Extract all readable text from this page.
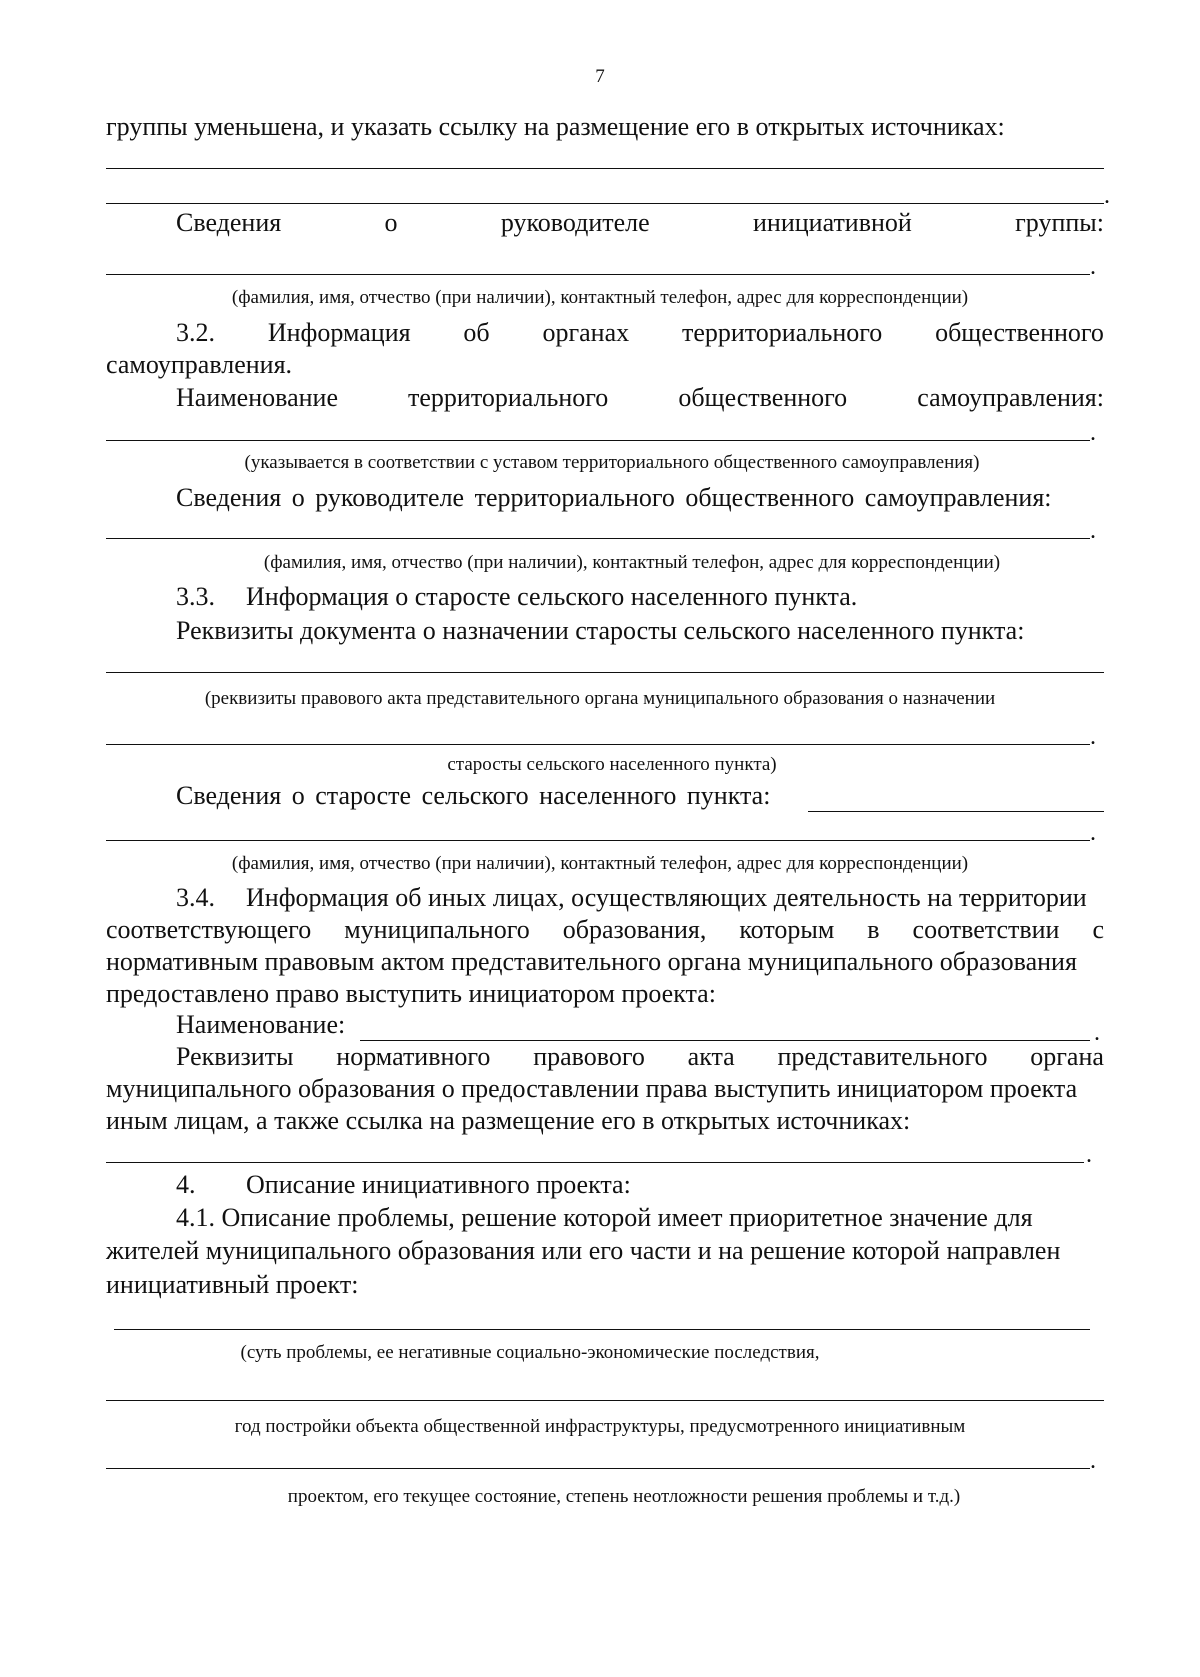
7
группы уменьшена, и указать ссылку на размещение его в открытых источниках:
.
Сведения	о	руководителе	инициативной	группы:
.
(фамилия, имя, отчество (при наличии), контактный телефон, адрес для корреспонденции)
3.2. Информация об органах территориального общественного
самоуправления.
Наименование	территориального	общественного	самоуправления:
.
(указывается в соответствии с уставом территориального общественного самоуправления)
Сведения о руководителе территориального общественного самоуправления:
.
(фамилия, имя, отчество (при наличии), контактный телефон, адрес для корреспонденции)
3.3. Информация о старосте сельского населенного пункта.
Реквизиты документа о назначении старосты сельского населенного пункта:
(реквизиты правового акта представительного органа муниципального образования о назначении
.
старосты сельского населенного пункта)
Сведения о старосте сельского населенного пункта:
.
(фамилия, имя, отчество (при наличии), контактный телефон, адрес для корреспонденции)
3.4. Информация об иных лицах, осуществляющих деятельность на территории
соответствующего муниципального образования, которым в соответствии с
нормативным правовым актом представительного органа муниципального образования
предоставлено право выступить инициатором проекта:
Наименование:	.
Реквизиты нормативного правового акта представительного органа
муниципального образования о предоставлении права выступить инициатором проекта
иным лицам, а также ссылка на размещение его в открытых источниках:
.
4. Описание инициативного проекта:
4.1. Описание проблемы, решение которой имеет приоритетное значение для
жителей муниципального образования или его части и на решение которой направлен
инициативный проект:
(суть проблемы, ее негативные социально-экономические последствия,
год постройки объекта общественной инфраструктуры, предусмотренного инициативным
.
проектом, его текущее состояние, степень неотложности решения проблемы и т.д.)
